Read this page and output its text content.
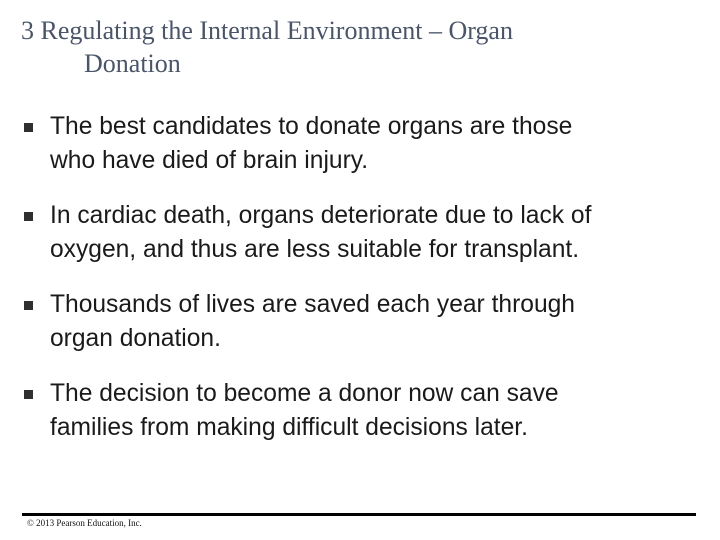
3 Regulating the Internal Environment – Organ
Donation
The best candidates to donate organs are those
who have died of brain injury.
In cardiac death, organs deteriorate due to lack of
oxygen, and thus are less suitable for transplant.
Thousands of lives are saved each year through
organ donation.
The decision to become a donor now can save
families from making difficult decisions later.
© 2013 Pearson Education, Inc.
